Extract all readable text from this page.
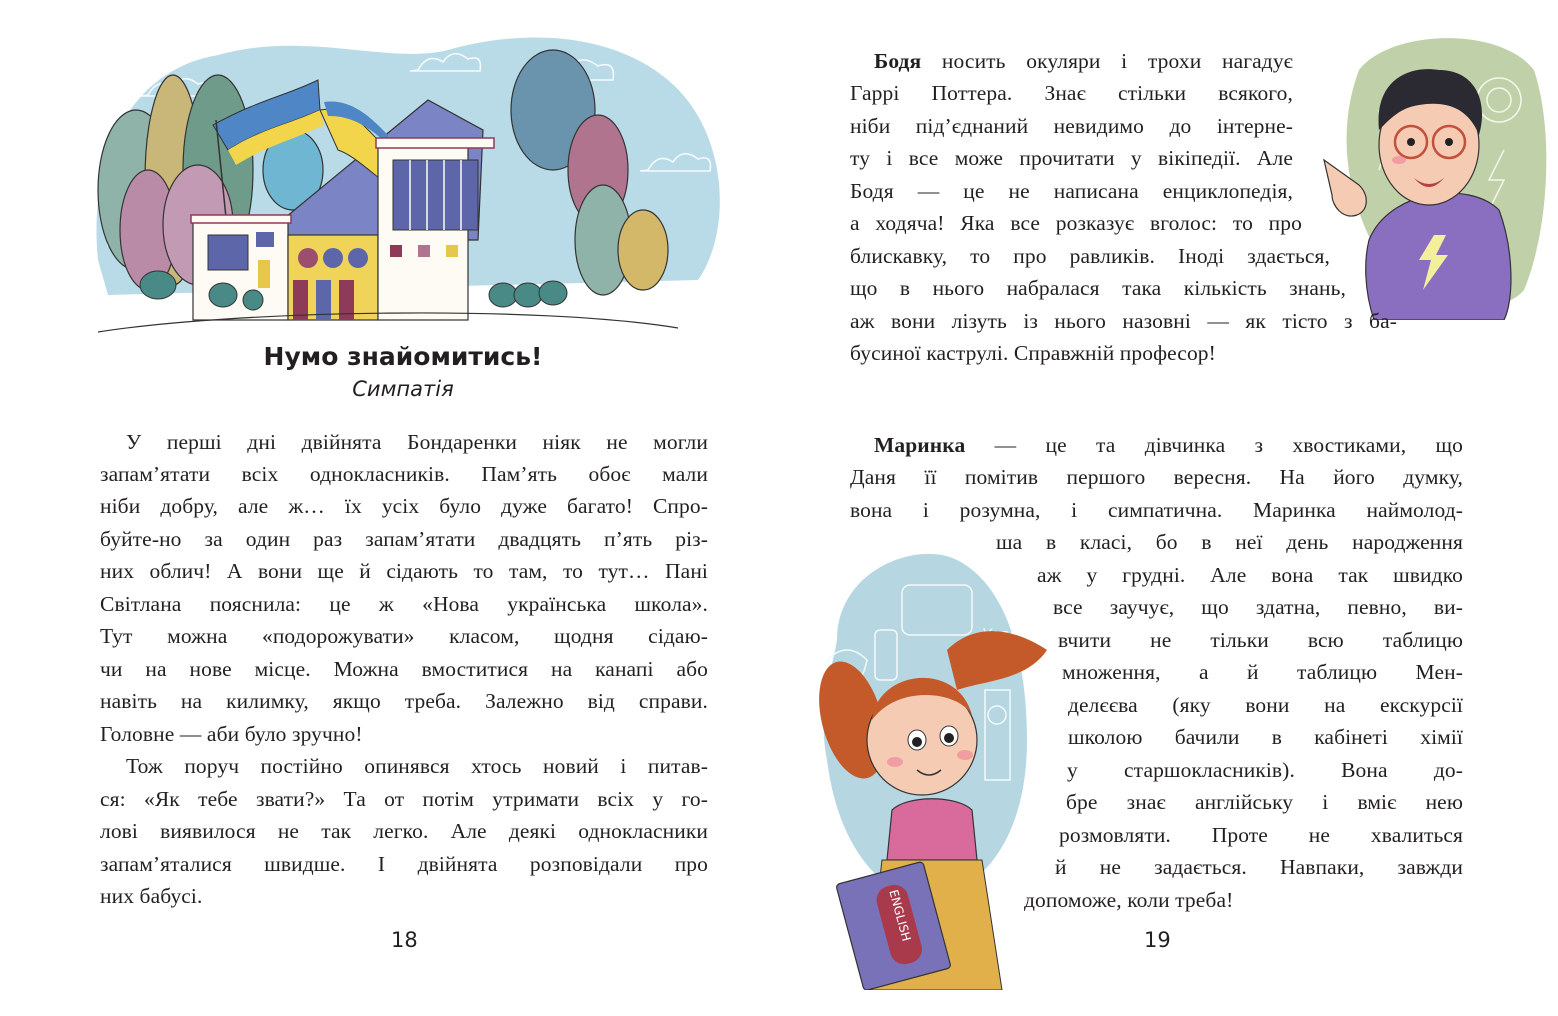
Нумо знайомитись!
Симпатія
У перші дні двійнята Бондаренки ніяк не могли
запам’ятати всіх однокласників. Пам’ять обоє мали
ніби добру, але ж… їх усіх було дуже багато! Спро-
буйте-но за один раз запам’ятати двадцять п’ять різ-
них облич! А вони ще й сідають то там, то тут… Пані
Світлана пояснила: це ж «Нова українська школа».
Тут можна «подорожувати» класом, щодня сідаю-
чи на нове місце. Можна вмоститися на канапі або
навіть на килимку, якщо треба. Залежно від справи.
Головне — аби було зручно!
Тож поруч постійно опинявся хтось новий і питав-
ся: «Як тебе звати?» Та от потім утримати всіх у го-
лові виявилося не так легко. Але деякі однокласники
запам’яталися швидше. І двійнята розповідали про
них бабусі.
18
Бодя носить окуляри і трохи нагадує
Гаррі Поттера. Знає стільки всякого,
ніби під’єднаний невидимо до інтерне-
ту і все може прочитати у вікіпедії. Але
Бодя — це не написана енциклопедія,
а ходяча! Яка все розказує вголос: то про
блискавку, то про равликів. Іноді здається,
що в нього набралася така кількість знань,
аж вони лізуть із нього назовні — як тісто з ба-
бусиної каструлі. Справжній професор!
ENGLISH
Маринка — це та дівчинка з хвостиками, що
Даня її помітив першого вересня. На його думку,
вона і розумна, і симпатична. Маринка наймолод-
ша в класі, бо в неї день народження
аж у грудні. Але вона так швидко
все заучує, що здатна, певно, ви-
вчити не тільки всю таблицю
множення, а й таблицю Мен-
делєєва (яку вони на екскурсії
школою бачили в кабінеті хімії
у старшокласників). Вона до-
бре знає англійську і вміє нею
розмовляти. Проте не хвалиться
й не задається. Навпаки, завжди
допоможе, коли треба!
19
